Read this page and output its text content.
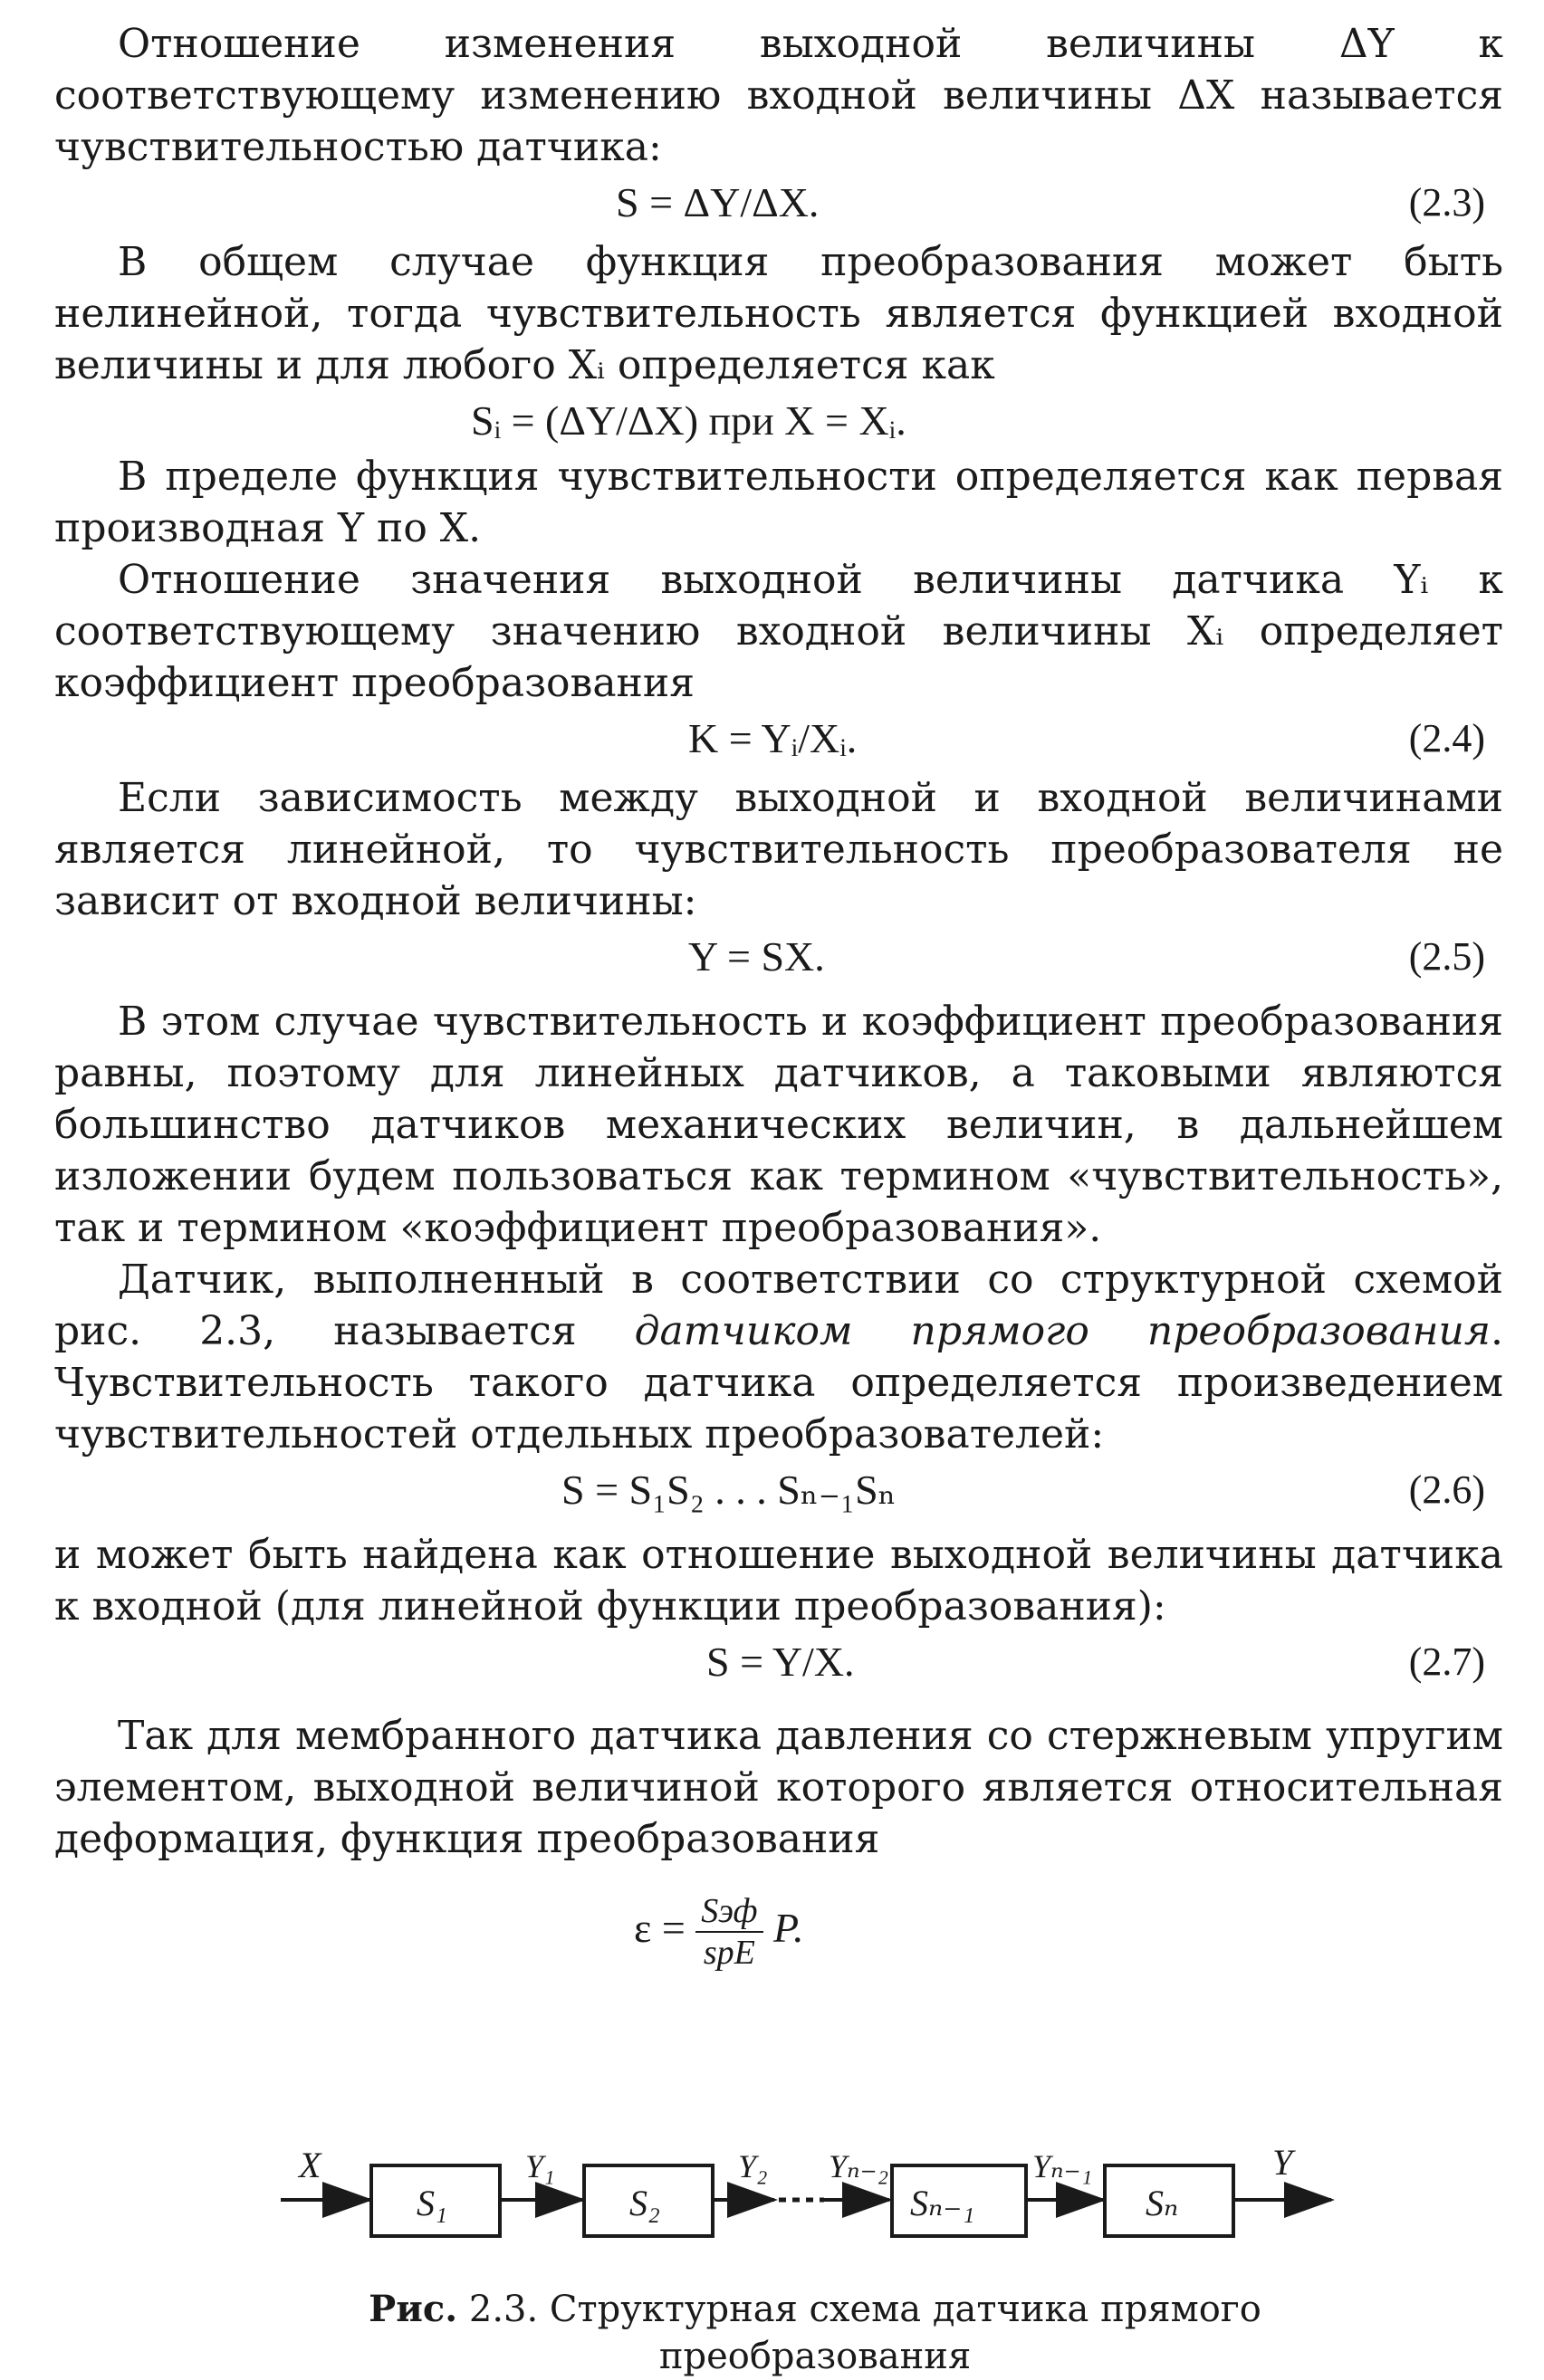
Отношение изменения выходной величины ΔY к соответствующему изменению входной величины ΔX называется чувствительностью датчика:

S = ΔY/ΔX.	(2.3)

В общем случае функция преобразования может быть нелинейной, тогда чувствительность является функцией входной величины и для любого Xᵢ определяется как

Sᵢ = (ΔY/ΔX) при X = Xᵢ.

В пределе функция чувствительности определяется как первая производная Y по X.

Отношение значения выходной величины датчика Yᵢ к соответствующему значению входной величины Xᵢ определяет коэффициент преобразования

K = Yᵢ/Xᵢ.	(2.4)

Если зависимость между выходной и входной величинами является линейной, то чувствительность преобразователя не зависит от входной величины:

Y = SX.	(2.5)

В этом случае чувствительность и коэффициент преобразования равны, поэтому для линейных датчиков, а таковыми являются большинство датчиков механических величин, в дальнейшем изложении будем пользоваться как термином «чувствительность», так и термином «коэффициент преобразования».

Датчик, выполненный в соответствии со структурной схемой рис. 2.3, называется датчиком прямого преобразования. Чувствительность такого датчика определяется произведением чувствительностей отдельных преобразователей:

S = S₁S₂ . . . Sₙ₋₁Sₙ	(2.6)

и может быть найдена как отношение выходной величины датчика к входной (для линейной функции преобразования):

S = Y/X.	(2.7)

Так для мембранного датчика давления со стержневым упругим элементом, выходной величиной которого является относительная деформация, функция преобразования

$\varepsilon = \frac{\text{Sэф}}{\text{spE}} P$.
X
S₁
Y₁
S₂
Y₂ Yₙ₋₂
Sₙ₋₁
Yₙ₋₁
Sₙ
Y
Рис. 2.3. Структурная схема датчика прямого преобразования
